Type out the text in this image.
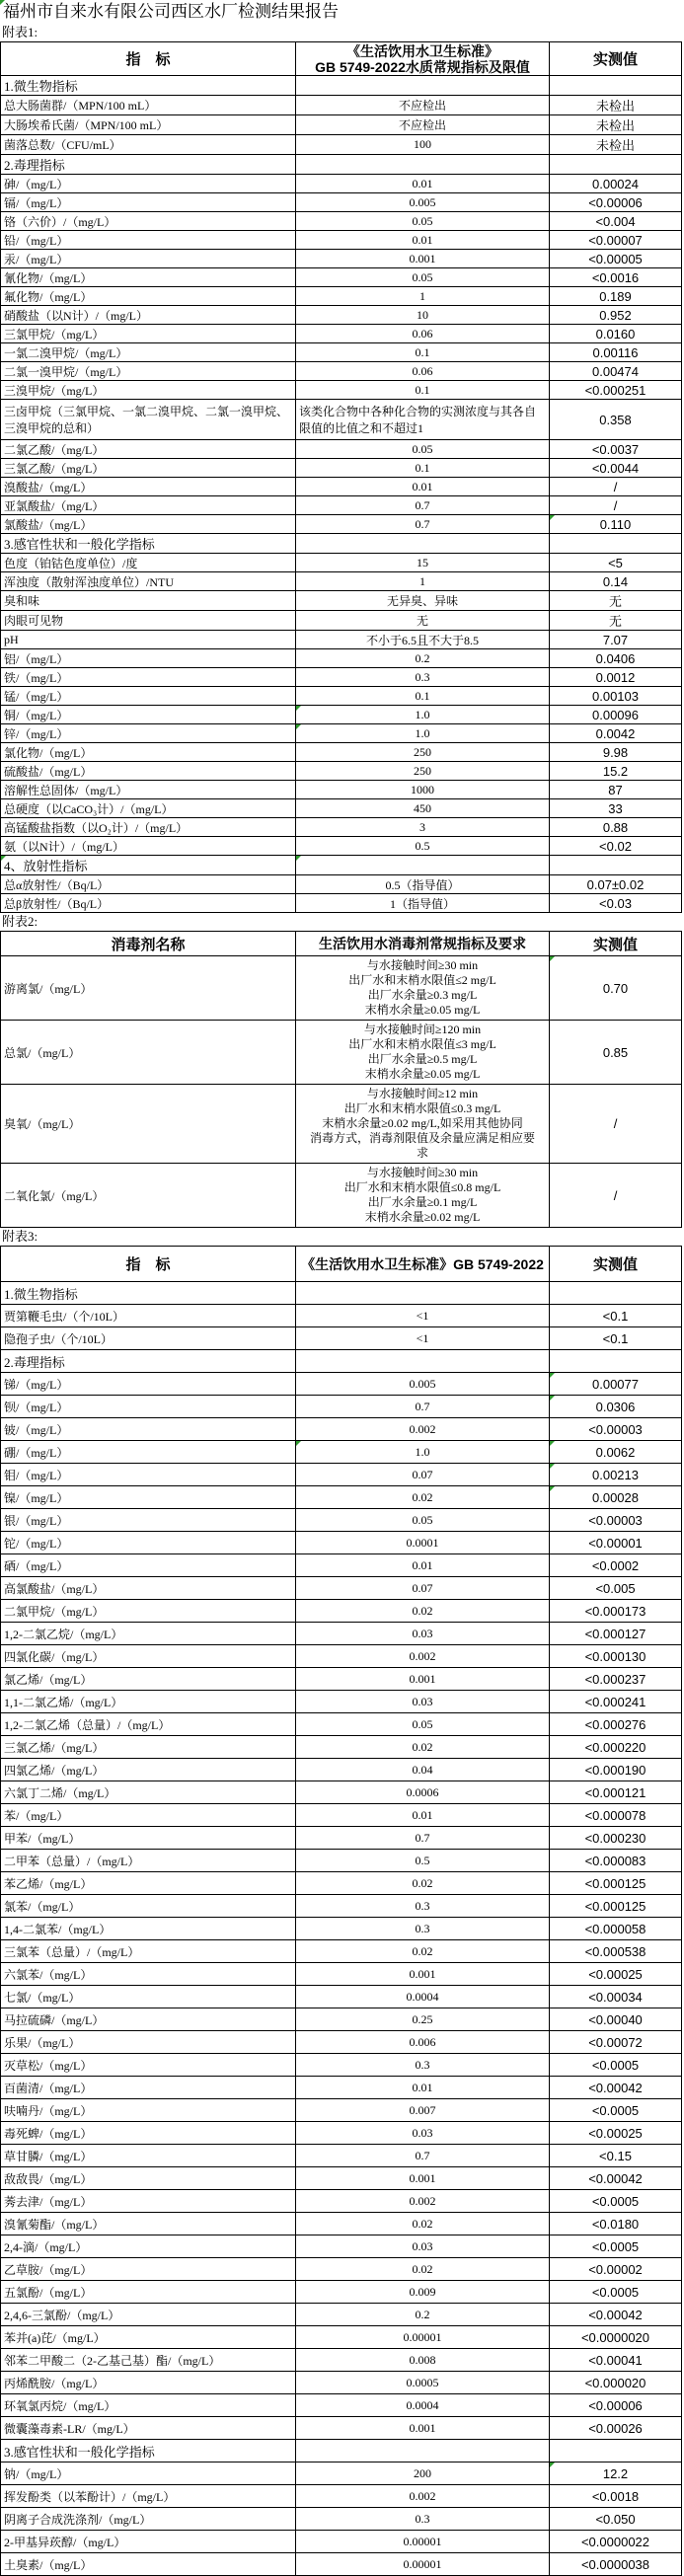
福州市自来水有限公司西区水厂检测结果报告
附表1:
指　标	《生活饮用水卫生标准》
GB 5749-2022水质常规指标及限值	实测值
1.微生物指标		
总大肠菌群/（MPN/100 mL）	不应检出	未检出
大肠埃希氏菌/（MPN/100 mL）	不应检出	未检出
菌落总数/（CFU/mL）	100	未检出
2.毒理指标		
砷/（mg/L）	0.01	0.00024
镉/（mg/L）	0.005	<0.00006
铬（六价）/（mg/L）	0.05	<0.004
铅/（mg/L）	0.01	<0.00007
汞/（mg/L）	0.001	<0.00005
氰化物/（mg/L）	0.05	<0.0016
氟化物/（mg/L）	1	0.189
硝酸盐（以N计）/（mg/L）	10	0.952
三氯甲烷/（mg/L）	0.06	0.0160
一氯二溴甲烷/（mg/L）	0.1	0.00116
二氯一溴甲烷/（mg/L）	0.06	0.00474
三溴甲烷/（mg/L）	0.1	<0.000251
三卤甲烷（三氯甲烷、一氯二溴甲烷、二氯一溴甲烷、三溴甲烷的总和）	该类化合物中各种化合物的实测浓度与其各自限值的比值之和不超过1	0.358
二氯乙酸/（mg/L）	0.05	<0.0037
三氯乙酸/（mg/L）	0.1	<0.0044
溴酸盐/（mg/L）	0.01	/
亚氯酸盐/（mg/L）	0.7	/
氯酸盐/（mg/L）	0.7	0.110
3.感官性状和一般化学指标		
色度（铂钴色度单位）/度	15	<5
浑浊度（散射浑浊度单位）/NTU	1	0.14
臭和味	无异臭、异味	无
肉眼可见物	无	无
pH	不小于6.5且不大于8.5	7.07
铝/（mg/L）	0.2	0.0406
铁/（mg/L）	0.3	0.0012
锰/（mg/L）	0.1	0.00103
铜/（mg/L）	1.0	0.00096
锌/（mg/L）	1.0	0.0042
氯化物/（mg/L）	250	9.98
硫酸盐/（mg/L）	250	15.2
溶解性总固体/（mg/L）	1000	87
总硬度（以CaCO₃计）/（mg/L）	450	33
高锰酸盐指数（以O₂计）/（mg/L）	3	0.88
氨（以N计）/（mg/L）	0.5	<0.02

4、放射性指标	

总α放射性/（Bq/L）	0.5（指导值）	0.07±0.02
总β放射性/（Bq/L）	1（指导值）	<0.03
附表2:
消毒剂名称	生活饮用水消毒剂常规指标及要求	实测值
游离氯/（mg/L）	与水接触时间≥30 min
出厂水和末梢水限值≤2 mg/L
出厂水余量≥0.3 mg/L
末梢水余量≥0.05 mg/L	0.70
总氯/（mg/L）	与水接触时间≥120 min
出厂水和末梢水限值≤3 mg/L
出厂水余量≥0.5 mg/L
末梢水余量≥0.05 mg/L	0.85
臭氧/（mg/L）	与水接触时间≥12 min
出厂水和末梢水限值≤0.3 mg/L
末梢水余量≥0.02 mg/L,如采用其他协同
消毒方式，消毒剂限值及余量应满足相应要
求	/
二氧化氯/（mg/L）	与水接触时间≥30 min
出厂水和末梢水限值≤0.8 mg/L
出厂水余量≥0.1 mg/L
末梢水余量≥0.02 mg/L	/
附表3:
指　标	《生活饮用水卫生标准》GB 5749-2022	实测值
1.微生物指标		
贾第鞭毛虫/（个/10L）	<1	<0.1
隐孢子虫/（个/10L）	<1	<0.1
2.毒理指标		
锑/（mg/L）	0.005	0.00077
钡/（mg/L）	0.7	0.0306
铍/（mg/L）	0.002	<0.00003
硼/（mg/L）	1.0	0.0062
钼/（mg/L）	0.07	0.00213
镍/（mg/L）	0.02	0.00028
银/（mg/L）	0.05	<0.00003
铊/（mg/L）	0.0001	<0.00001
硒/（mg/L）	0.01	<0.0002
高氯酸盐/（mg/L）	0.07	<0.005
二氯甲烷/（mg/L）	0.02	<0.000173
1,2-二氯乙烷/（mg/L）	0.03	<0.000127
四氯化碳/（mg/L）	0.002	<0.000130
氯乙烯/（mg/L）	0.001	<0.000237
1,1-二氯乙烯/（mg/L）	0.03	<0.000241
1,2-二氯乙烯（总量）/（mg/L）	0.05	<0.000276
三氯乙烯/（mg/L）	0.02	<0.000220
四氯乙烯/（mg/L）	0.04	<0.000190
六氯丁二烯/（mg/L）	0.0006	<0.000121
苯/（mg/L）	0.01	<0.000078
甲苯/（mg/L）	0.7	<0.000230
二甲苯（总量）/（mg/L）	0.5	<0.000083
苯乙烯/（mg/L）	0.02	<0.000125
氯苯/（mg/L）	0.3	<0.000125
1,4-二氯苯/（mg/L）	0.3	<0.000058
三氯苯（总量）/（mg/L）	0.02	<0.000538
六氯苯/（mg/L）	0.001	<0.00025
七氯/（mg/L）	0.0004	<0.00034
马拉硫磷/（mg/L）	0.25	<0.00040
乐果/（mg/L）	0.006	<0.00072
灭草松/（mg/L）	0.3	<0.0005
百菌清/（mg/L）	0.01	<0.00042
呋喃丹/（mg/L）	0.007	<0.0005
毒死蜱/（mg/L）	0.03	<0.00025
草甘膦/（mg/L）	0.7	<0.15
敌敌畏/（mg/L）	0.001	<0.00042
莠去津/（mg/L）	0.002	<0.0005
溴氰菊酯/（mg/L）	0.02	<0.0180
2,4-滴/（mg/L）	0.03	<0.0005
乙草胺/（mg/L）	0.02	<0.00002
五氯酚/（mg/L）	0.009	<0.0005
2,4,6-三氯酚/（mg/L）	0.2	<0.00042
苯并(a)芘/（mg/L）	0.00001	<0.0000020
邻苯二甲酸二（2-乙基己基）酯/（mg/L）	0.008	<0.00041
丙烯酰胺/（mg/L）	0.0005	<0.000020
环氧氯丙烷/（mg/L）	0.0004	<0.00006
微囊藻毒素-LR/（mg/L）	0.001	<0.00026
3.感官性状和一般化学指标		
钠/（mg/L）	200	12.2
挥发酚类（以苯酚计）/（mg/L）	0.002	<0.0018
阴离子合成洗涤剂/（mg/L）	0.3	<0.050
2-甲基异莰醇/（mg/L）	0.00001	<0.0000022
土臭素/（mg/L）	0.00001	<0.0000038
